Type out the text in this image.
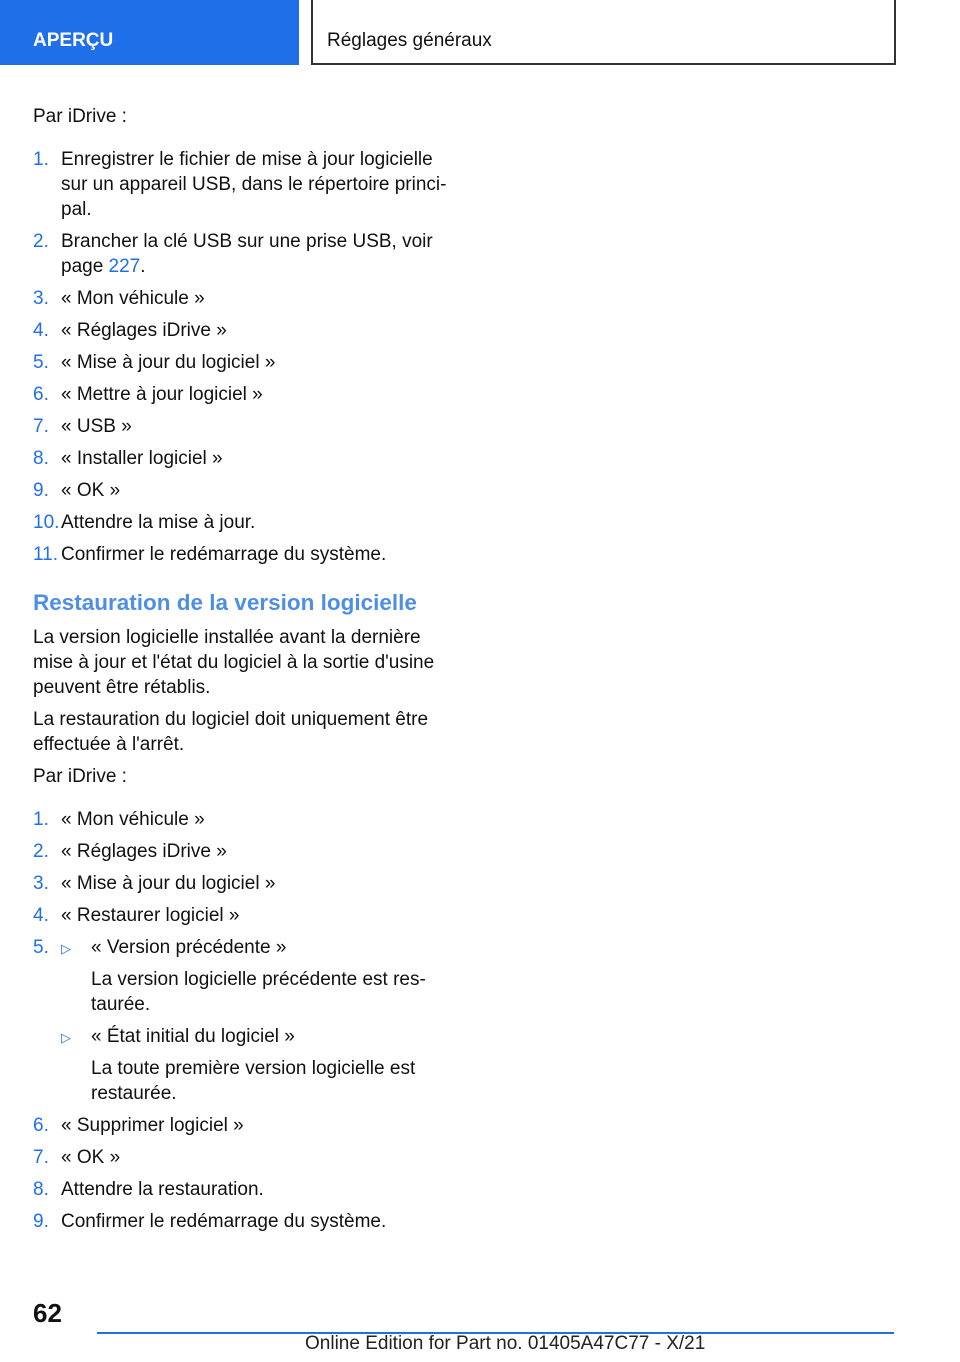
APERÇU	Réglages généraux

Par iDrive :

1. Enregistrer le fichier de mise à jour logicielle sur un appareil USB, dans le répertoire princi-pal.
2. Brancher la clé USB sur une prise USB, voir page 227.
3. « Mon véhicule »
4. « Réglages iDrive »
5. « Mise à jour du logiciel »
6. « Mettre à jour logiciel »
7. « USB »
8. « Installer logiciel »
9. « OK »
10. Attendre la mise à jour.
11. Confirmer le redémarrage du système.
Restauration de la version logicielle

La version logicielle installée avant la dernière mise à jour et l'état du logiciel à la sortie d'usine peuvent être rétablis.

La restauration du logiciel doit uniquement être effectuée à l'arrêt.

Par iDrive :

1. « Mon véhicule »
2. « Réglages iDrive »
3. « Mise à jour du logiciel »
4. « Restaurer logiciel »
5. ▷	« Version précédente »
La version logicielle précédente est res-taurée.
▷	« État initial du logiciel »
La toute première version logicielle est restaurée.
6. « Supprimer logiciel »
7. « OK »
8. Attendre la restauration.
9. Confirmer le redémarrage du système.
62
Online Edition for Part no. 01405A47C77 - X/21
